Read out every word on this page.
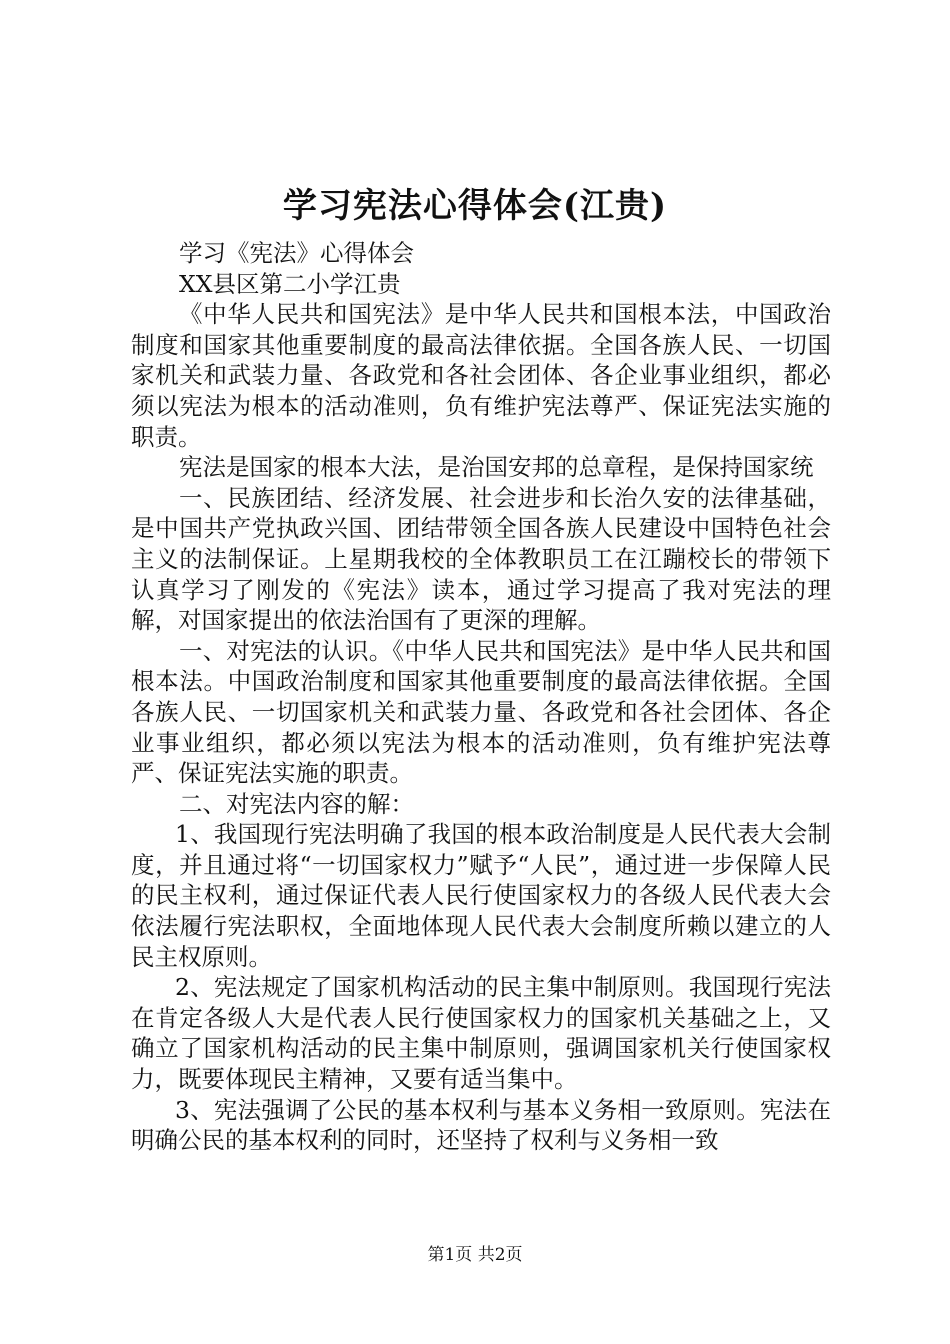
学习宪法心得体会(江贵)

学习《宪法》心得体会

XX县区第二小学江贵

《中华人民共和国宪法》是中华人民共和国根本法，中国政治制度和国家其他重要制度的最高法律依据。全国各族人民、一切国家机关和武装力量、各政党和各社会团体、各企业事业组织，都必须以宪法为根本的活动准则，负有维护宪法尊严、保证宪法实施的职责。

宪法是国家的根本大法，是治国安邦的总章程，是保持国家统

一、民族团结、经济发展、社会进步和长治久安的法律基础，是中国共产党执政兴国、团结带领全国各族人民建设中国特色社会主义的法制保证。上星期我校的全体教职员工在江蹦校长的带领下认真学习了刚发的《宪法》读本，通过学习提高了我对宪法的理解，对国家提出的依法治国有了更深的理解。

一、对宪法的认识。《中华人民共和国宪法》是中华人民共和国根本法。中国政治制度和国家其他重要制度的最高法律依据。全国各族人民、一切国家机关和武装力量、各政党和各社会团体、各企业事业组织，都必须以宪法为根本的活动准则，负有维护宪法尊严、保证宪法实施的职责。

二、对宪法内容的解：

1、我国现行宪法明确了我国的根本政治制度是人民代表大会制度，并且通过将“一切国家权力”赋予“人民”，通过进一步保障人民的民主权利，通过保证代表人民行使国家权力的各级人民代表大会依法履行宪法职权，全面地体现人民代表大会制度所赖以建立的人民主权原则。

2、宪法规定了国家机构活动的民主集中制原则。我国现行宪法在肯定各级人大是代表人民行使国家权力的国家机关基础之上，又确立了国家机构活动的民主集中制原则，强调国家机关行使国家权力，既要体现民主精神，又要有适当集中。

3、宪法强调了公民的基本权利与基本义务相一致原则。宪法在明确公民的基本权利的同时，还坚持了权利与义务相一致

第1页 共2页
